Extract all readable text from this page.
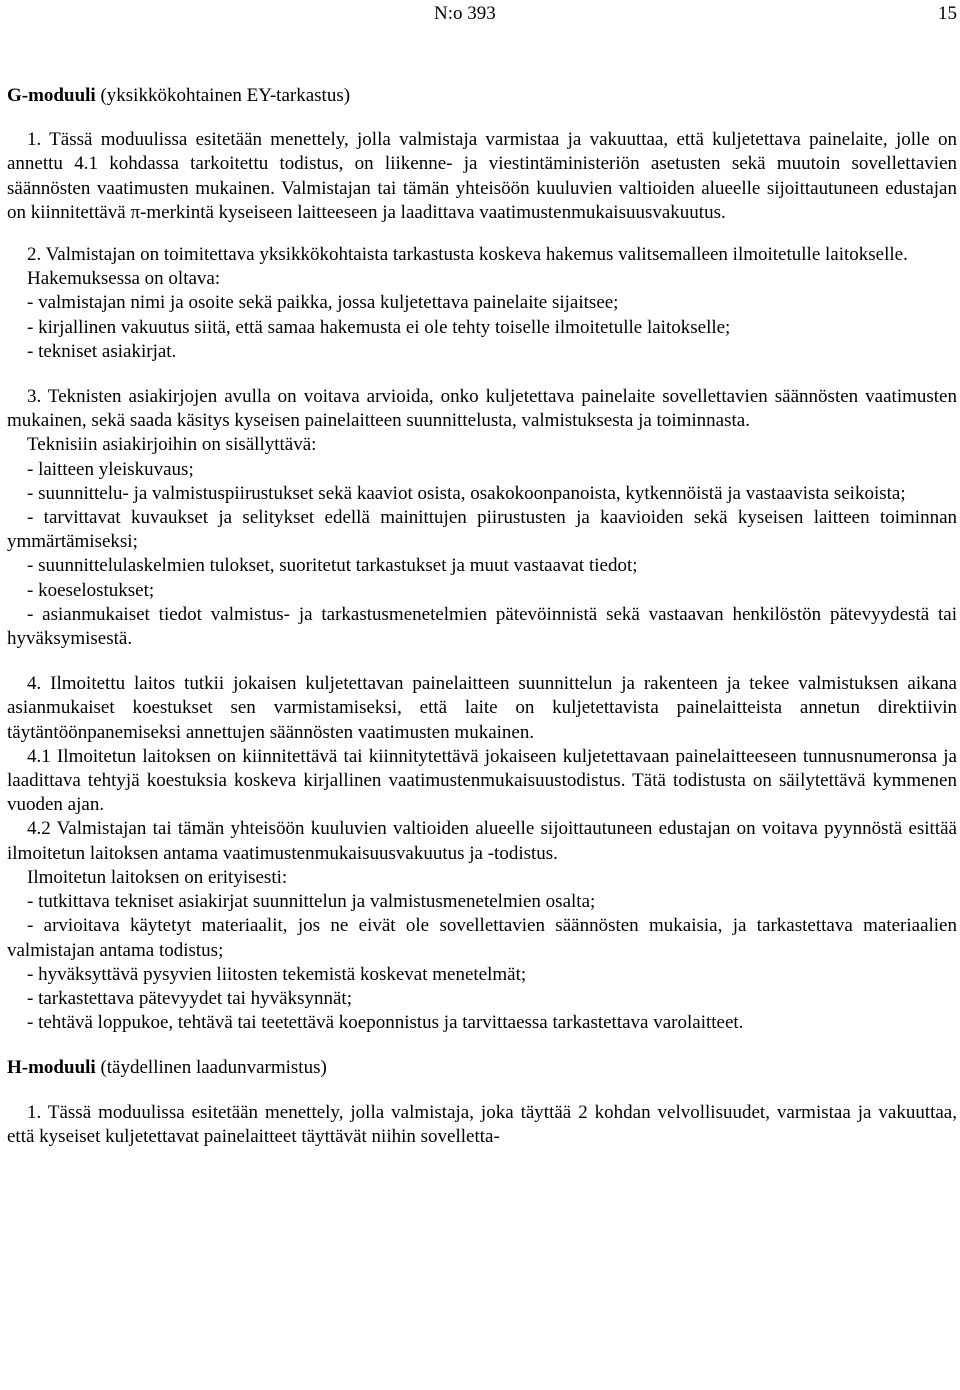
N:o 393	15

G-moduuli (yksikkökohtainen EY-tarkastus)

1. Tässä moduulissa esitetään menettely, jolla valmistaja varmistaa ja vakuuttaa, että kuljetettava painelaite, jolle on annettu 4.1 kohdassa tarkoitettu todistus, on liikenne- ja viestintäministeriön asetusten sekä muutoin sovellettavien säännösten vaatimusten mukainen. Valmistajan tai tämän yhteisöön kuuluvien valtioiden alueelle sijoittautuneen edustajan on kiinnitettävä π-merkintä kyseiseen laitteeseen ja laadittava vaatimustenmukaisuusvakuutus.

2. Valmistajan on toimitettava yksikkökohtaista tarkastusta koskeva hakemus valitsemalleen ilmoitetulle laitokselle.

Hakemuksessa on oltava:

- valmistajan nimi ja osoite sekä paikka, jossa kuljetettava painelaite sijaitsee;

- kirjallinen vakuutus siitä, että samaa hakemusta ei ole tehty toiselle ilmoitetulle laitokselle;

- tekniset asiakirjat.

3. Teknisten asiakirjojen avulla on voitava arvioida, onko kuljetettava painelaite sovellettavien säännösten vaatimusten mukainen, sekä saada käsitys kyseisen painelaitteen suunnittelusta, valmistuksesta ja toiminnasta.

Teknisiin asiakirjoihin on sisällyttävä:

- laitteen yleiskuvaus;

- suunnittelu- ja valmistuspiirustukset sekä kaaviot osista, osakokoonpanoista, kytkennöistä ja vastaavista seikoista;

- tarvittavat kuvaukset ja selitykset edellä mainittujen piirustusten ja kaavioiden sekä kyseisen laitteen toiminnan ymmärtämiseksi;

- suunnittelulaskelmien tulokset, suoritetut tarkastukset ja muut vastaavat tiedot;

- koeselostukset;

- asianmukaiset tiedot valmistus- ja tarkastusmenetelmien pätevöinnistä sekä vastaavan henkilöstön pätevyydestä tai hyväksymisestä.

4. Ilmoitettu laitos tutkii jokaisen kuljetettavan painelaitteen suunnittelun ja rakenteen ja tekee valmistuksen aikana asianmukaiset koestukset sen varmistamiseksi, että laite on kuljetettavista painelaitteista annetun direktiivin täytäntöönpanemiseksi annettujen säännösten vaatimusten mukainen.

4.1 Ilmoitetun laitoksen on kiinnitettävä tai kiinnitytettävä jokaiseen kuljetettavaan painelaitteeseen tunnusnumeronsa ja laadittava tehtyjä koestuksia koskeva kirjallinen vaatimustenmukaisuustodistus. Tätä todistusta on säilytettävä kymmenen vuoden ajan.

4.2 Valmistajan tai tämän yhteisöön kuuluvien valtioiden alueelle sijoittautuneen edustajan on voitava pyynnöstä esittää ilmoitetun laitoksen antama vaatimustenmukaisuusvakuutus ja -todistus.

Ilmoitetun laitoksen on erityisesti:

- tutkittava tekniset asiakirjat suunnittelun ja valmistusmenetelmien osalta;

- arvioitava käytetyt materiaalit, jos ne eivät ole sovellettavien säännösten mukaisia, ja tarkastettava materiaalien valmistajan antama todistus;

- hyväksyttävä pysyvien liitosten tekemistä koskevat menetelmät;

- tarkastettava pätevyydet tai hyväksynnät;

- tehtävä loppukoe, tehtävä tai teetettävä koeponnistus ja tarvittaessa tarkastettava varolaitteet.

H-moduuli (täydellinen laadunvarmistus)

1. Tässä moduulissa esitetään menettely, jolla valmistaja, joka täyttää 2 kohdan velvollisuudet, varmistaa ja vakuuttaa, että kyseiset kuljetettavat painelaitteet täyttävät niihin sovelletta-
